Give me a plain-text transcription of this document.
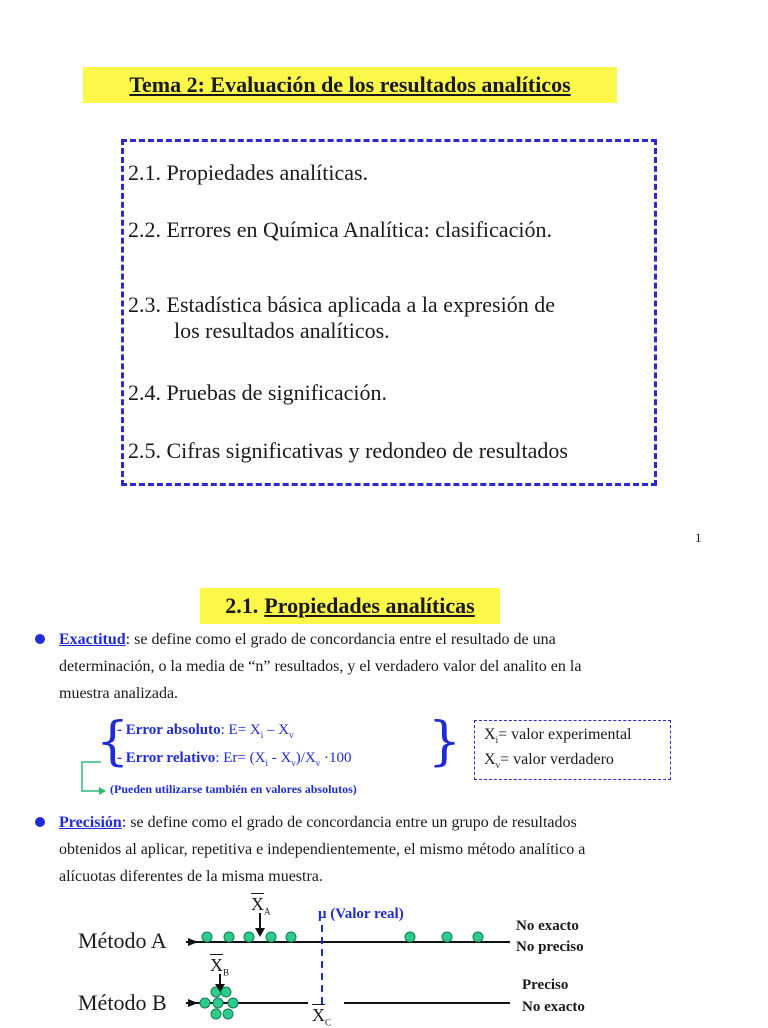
Tema 2: Evaluación de los resultados analíticos
2.1. Propiedades analíticas.
2.2. Errores en Química Analítica: clasificación.
2.3. Estadística básica aplicada a la expresión de
los resultados analíticos.
2.4. Pruebas de significación.
2.5. Cifras significativas y redondeo de resultados
1
2.1. Propiedades analíticas
Exactitud: se define como el grado de concordancia entre el resultado de una
determinación, o la media de “n” resultados, y el verdadero valor del analito en la
muestra analizada.
{	}
- Error absoluto: $E= X_i - X_v$
- Error relativo: $Er= (X_i - X_v)/X_v \cdot 100$
(Pueden utilizarse también en valores absolutos)
$X_i=$ valor experimental
$X_v=$ valor verdadero
Precisión: se define como el grado de concordancia entre un grupo de resultados
obtenidos al aplicar, repetitiva e independientemente, el mismo método analítico a
alícuotas diferentes de la misma muestra.
Método A
Método B
μ (Valor real)
$\overline{X}_A$
$\overline{X}_B$
$\overline{X}_C$
No exacto
No preciso
Preciso
No exacto
